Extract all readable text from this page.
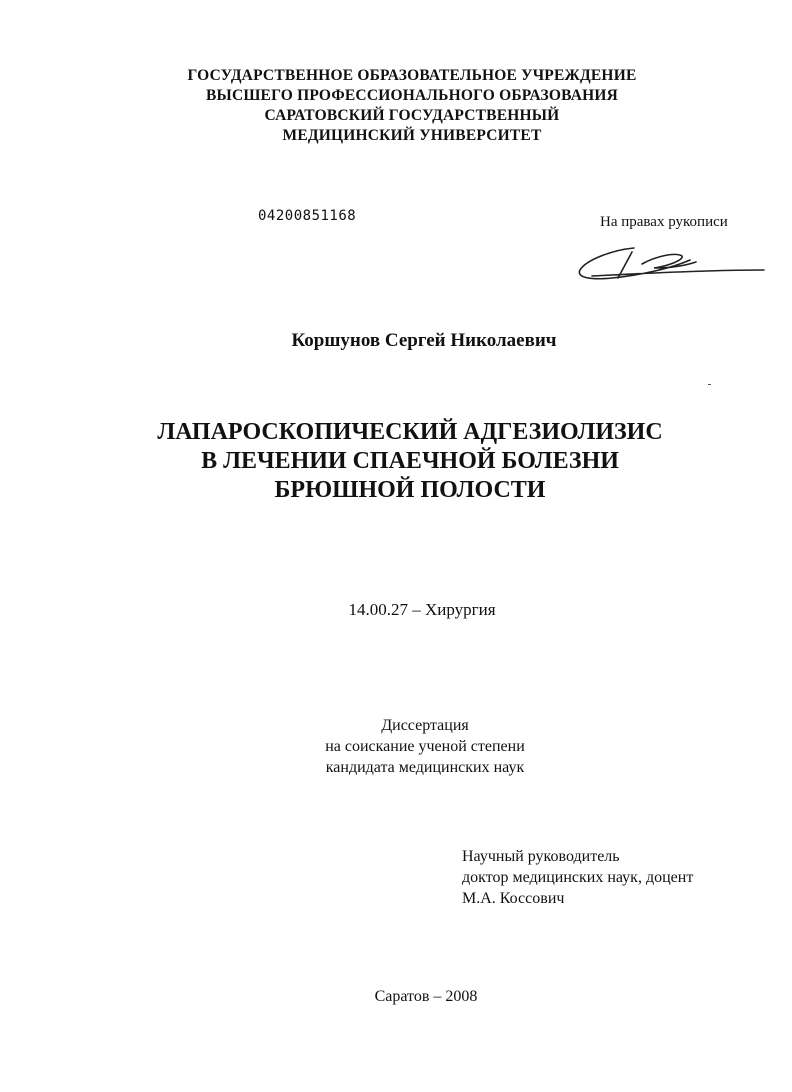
ГОСУДАРСТВЕННОЕ ОБРАЗОВАТЕЛЬНОЕ УЧРЕЖДЕНИЕ
ВЫСШЕГО ПРОФЕССИОНАЛЬНОГО ОБРАЗОВАНИЯ
САРАТОВСКИЙ ГОСУДАРСТВЕННЫЙ
МЕДИЦИНСКИЙ УНИВЕРСИТЕТ
04200851168	На правах рукописи
Коршунов Сергей Николаевич
ЛАПАРОСКОПИЧЕСКИЙ АДГЕЗИОЛИЗИС
В ЛЕЧЕНИИ СПАЕЧНОЙ БОЛЕЗНИ
БРЮШНОЙ ПОЛОСТИ
14.00.27 – Хирургия
Диссертация
на соискание ученой степени
кандидата медицинских наук
Научный руководитель
доктор медицинских наук, доцент
М.А. Коссович
Саратов – 2008
